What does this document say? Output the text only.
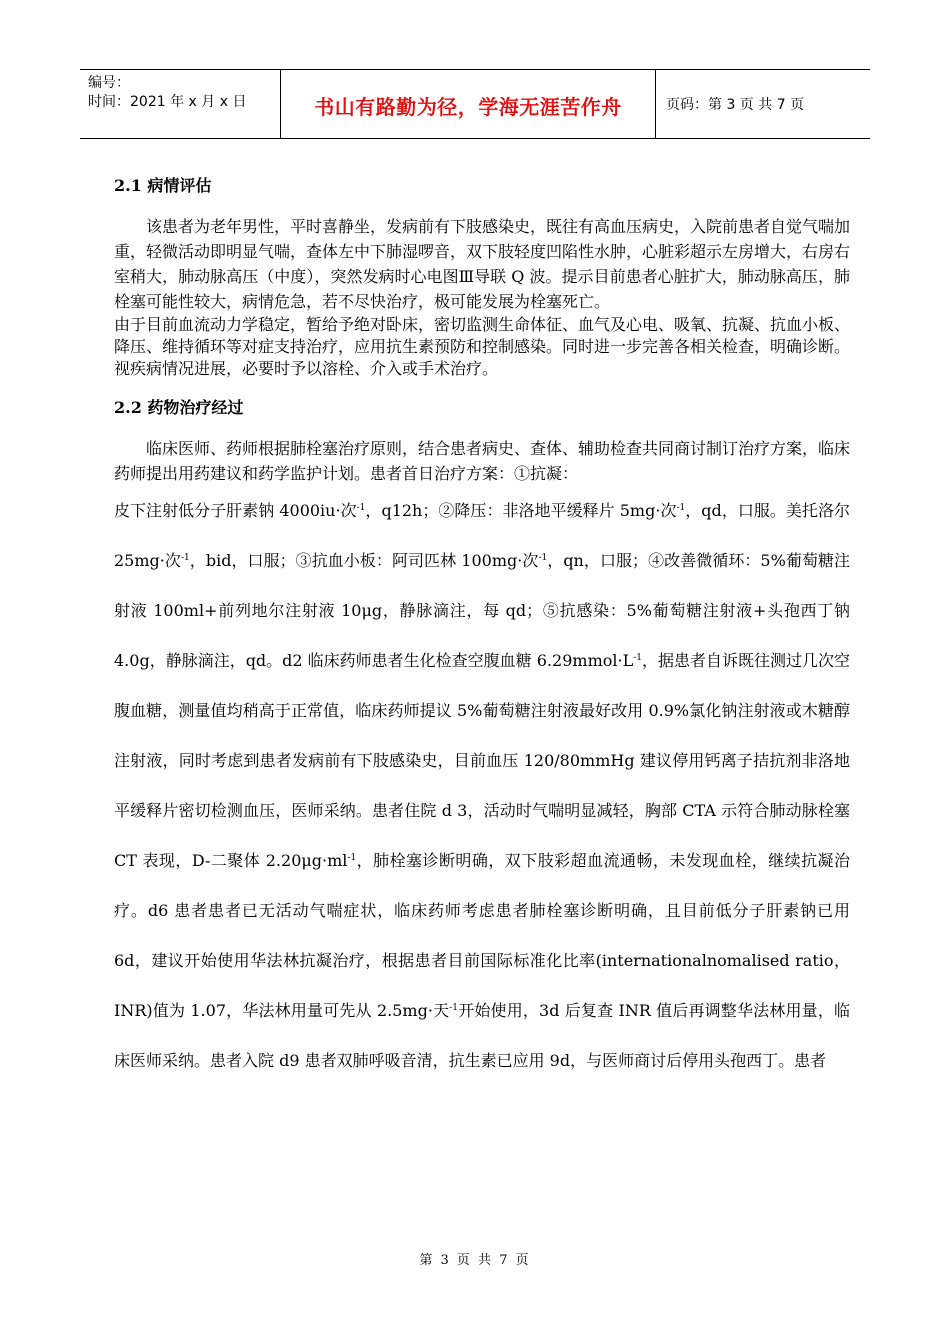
编号：
时间：2021 年 x 月 x 日	书山有路勤为径，学海无涯苦作舟	页码：第 3 页 共 7 页
2.1 病情评估

该患者为老年男性，平时喜静坐，发病前有下肢感染史，既往有高血压病史，入院前患者自觉气喘加重，轻微活动即明显气喘，查体左中下肺湿啰音，双下肢轻度凹陷性水肿，心脏彩超示左房增大，右房右室稍大，肺动脉高压（中度），突然发病时心电图Ⅲ导联 Q 波。提示目前患者心脏扩大，肺动脉高压，肺栓塞可能性较大，病情危急，若不尽快治疗，极可能发展为栓塞死亡。

由于目前血流动力学稳定，暂给予绝对卧床，密切监测生命体征、血气及心电、吸氧、抗凝、抗血小板、降压、维持循环等对症支持治疗，应用抗生素预防和控制感染。同时进一步完善各相关检查，明确诊断。视疾病情况进展，必要时予以溶栓、介入或手术治疗。

2.2 药物治疗经过

临床医师、药师根据肺栓塞治疗原则，结合患者病史、查体、辅助检查共同商讨制订治疗方案，临床药师提出用药建议和药学监护计划。患者首日治疗方案：①抗凝：

皮下注射低分子肝素钠 4000iu·次$^{-1}$，q12h；②降压：非洛地平缓释片 5mg·次$^{-1}$，qd，口服。美托洛尔 25mg·次$^{-1}$，bid，口服；③抗血小板：阿司匹林 100mg·次$^{-1}$，qn，口服；④改善微循环：5%葡萄糖注射液 100ml+前列地尔注射液 10μg，静脉滴注，每 qd；⑤抗感染：5%葡萄糖注射液+头孢西丁钠 4.0g，静脉滴注，qd。d2 临床药师患者生化检查空腹血糖 $6.29mmol\cdot L^{-1}$，据患者自诉既往测过几次空腹血糖，测量值均稍高于正常值，临床药师提议 5%葡萄糖注射液最好改用 0.9%氯化钠注射液或木糖醇注射液，同时考虑到患者发病前有下肢感染史，目前血压 120/80mmHg 建议停用钙离子拮抗剂非洛地平缓释片密切检测血压，医师采纳。患者住院 d 3，活动时气喘明显减轻，胸部 CTA 示符合肺动脉栓塞 CT 表现，D-二聚体 $2.20\mu g\cdot ml^{-1}$，肺栓塞诊断明确，双下肢彩超血流通畅，未发现血栓，继续抗凝治疗。d6 患者患者已无活动气喘症状，临床药师考虑患者肺栓塞诊断明确，且目前低分子肝素钠已用 6d，建议开始使用华法林抗凝治疗，根据患者目前国际标准化比率(internationalnomalised ratio，INR)值为 1.07，华法林用量可先从 2.5mg·天$^{-1}$开始使用，3d 后复查 INR 值后再调整华法林用量，临床医师采纳。患者入院 d9 患者双肺呼吸音清，抗生素已应用 9d，与医师商讨后停用头孢西丁。患者

第 3 页 共 7 页
